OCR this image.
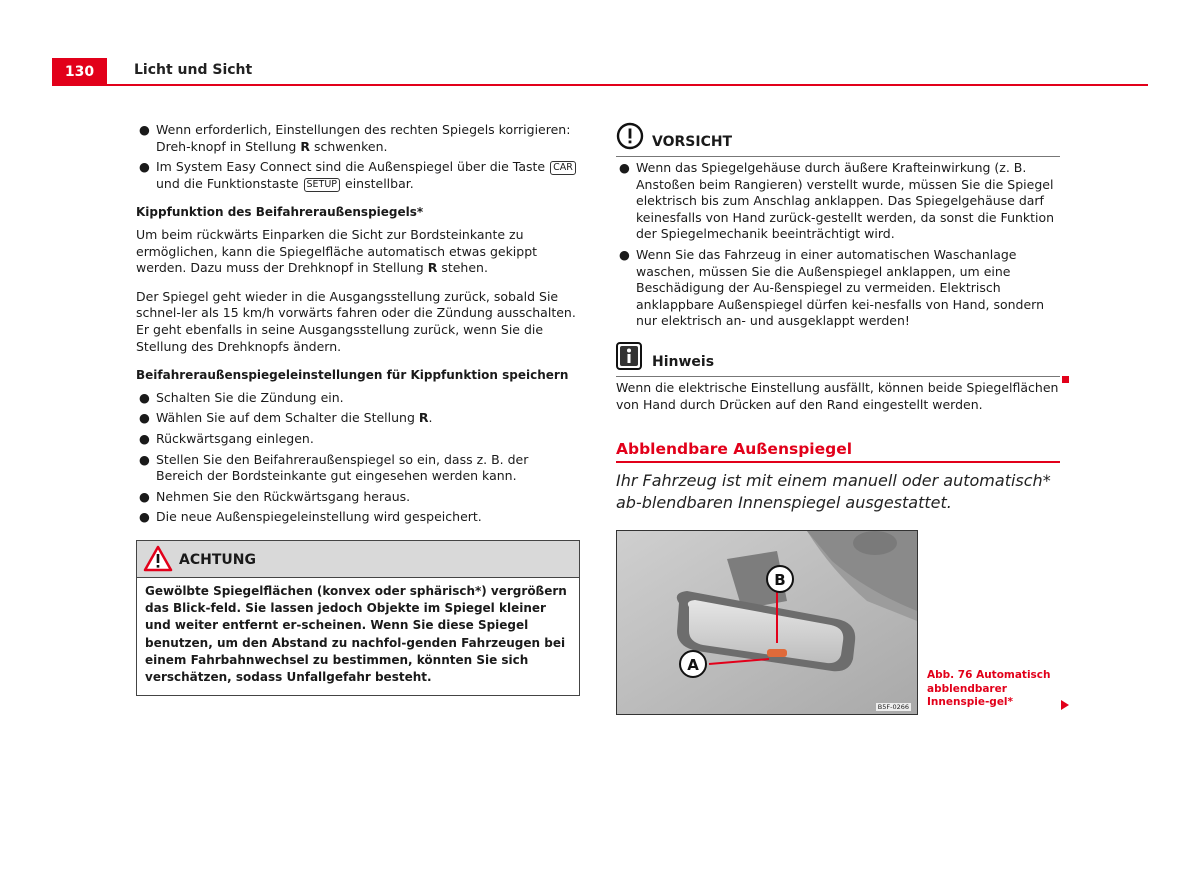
130	Licht und Sicht
● Wenn erforderlich, Einstellungen des rechten Spiegels korrigieren: Dreh-knopf in Stellung R schwenken.
● Im System Easy Connect sind die Außenspiegel über die Taste CAR und die Funktionstaste SETUP einstellbar.

Kippfunktion des Beifahreraußenspiegels*

Um beim rückwärts Einparken die Sicht zur Bordsteinkante zu ermöglichen, kann die Spiegelfläche automatisch etwas gekippt werden. Dazu muss der Drehknopf in Stellung R stehen.

Der Spiegel geht wieder in die Ausgangsstellung zurück, sobald Sie schnel-ler als 15 km/h vorwärts fahren oder die Zündung ausschalten. Er geht ebenfalls in seine Ausgangsstellung zurück, wenn Sie die Stellung des Drehknopfs ändern.

Beifahreraußenspiegeleinstellungen für Kippfunktion speichern

● Schalten Sie die Zündung ein.
● Wählen Sie auf dem Schalter die Stellung R.
● Rückwärtsgang einlegen.
● Stellen Sie den Beifahreraußenspiegel so ein, dass z. B. der Bereich der Bordsteinkante gut eingesehen werden kann.
● Nehmen Sie den Rückwärtsgang heraus.
● Die neue Außenspiegeleinstellung wird gespeichert.
ACHTUNG
Gewölbte Spiegelflächen (konvex oder sphärisch*) vergrößern das Blick-feld. Sie lassen jedoch Objekte im Spiegel kleiner und weiter entfernt er-scheinen. Wenn Sie diese Spiegel benutzen, um den Abstand zu nachfol-genden Fahrzeugen bei einem Fahrbahnwechsel zu bestimmen, könnten Sie sich verschätzen, sodass Unfallgefahr besteht.
VORSICHT
● Wenn das Spiegelgehäuse durch äußere Krafteinwirkung (z. B. Anstoßen beim Rangieren) verstellt wurde, müssen Sie die Spiegel elektrisch bis zum Anschlag anklappen. Das Spiegelgehäuse darf keinesfalls von Hand zurück-gestellt werden, da sonst die Funktion der Spiegelmechanik beeinträchtigt wird.
● Wenn Sie das Fahrzeug in einer automatischen Waschanlage waschen, müssen Sie die Außenspiegel anklappen, um eine Beschädigung der Au-ßenspiegel zu vermeiden. Elektrisch anklappbare Außenspiegel dürfen kei-nesfalls von Hand, sondern nur elektrisch an- und ausgeklappt werden!
Hinweis

Wenn die elektrische Einstellung ausfällt, können beide Spiegelflächen von Hand durch Drücken auf den Rand eingestellt werden.

Abblendbare Außenspiegel
Ihr Fahrzeug ist mit einem manuell oder automatisch* ab-blendbaren Innenspiegel ausgestattet.
B
A
B5F-0266
Abb. 76 Automatisch abblendbarer Innenspie-gel*
